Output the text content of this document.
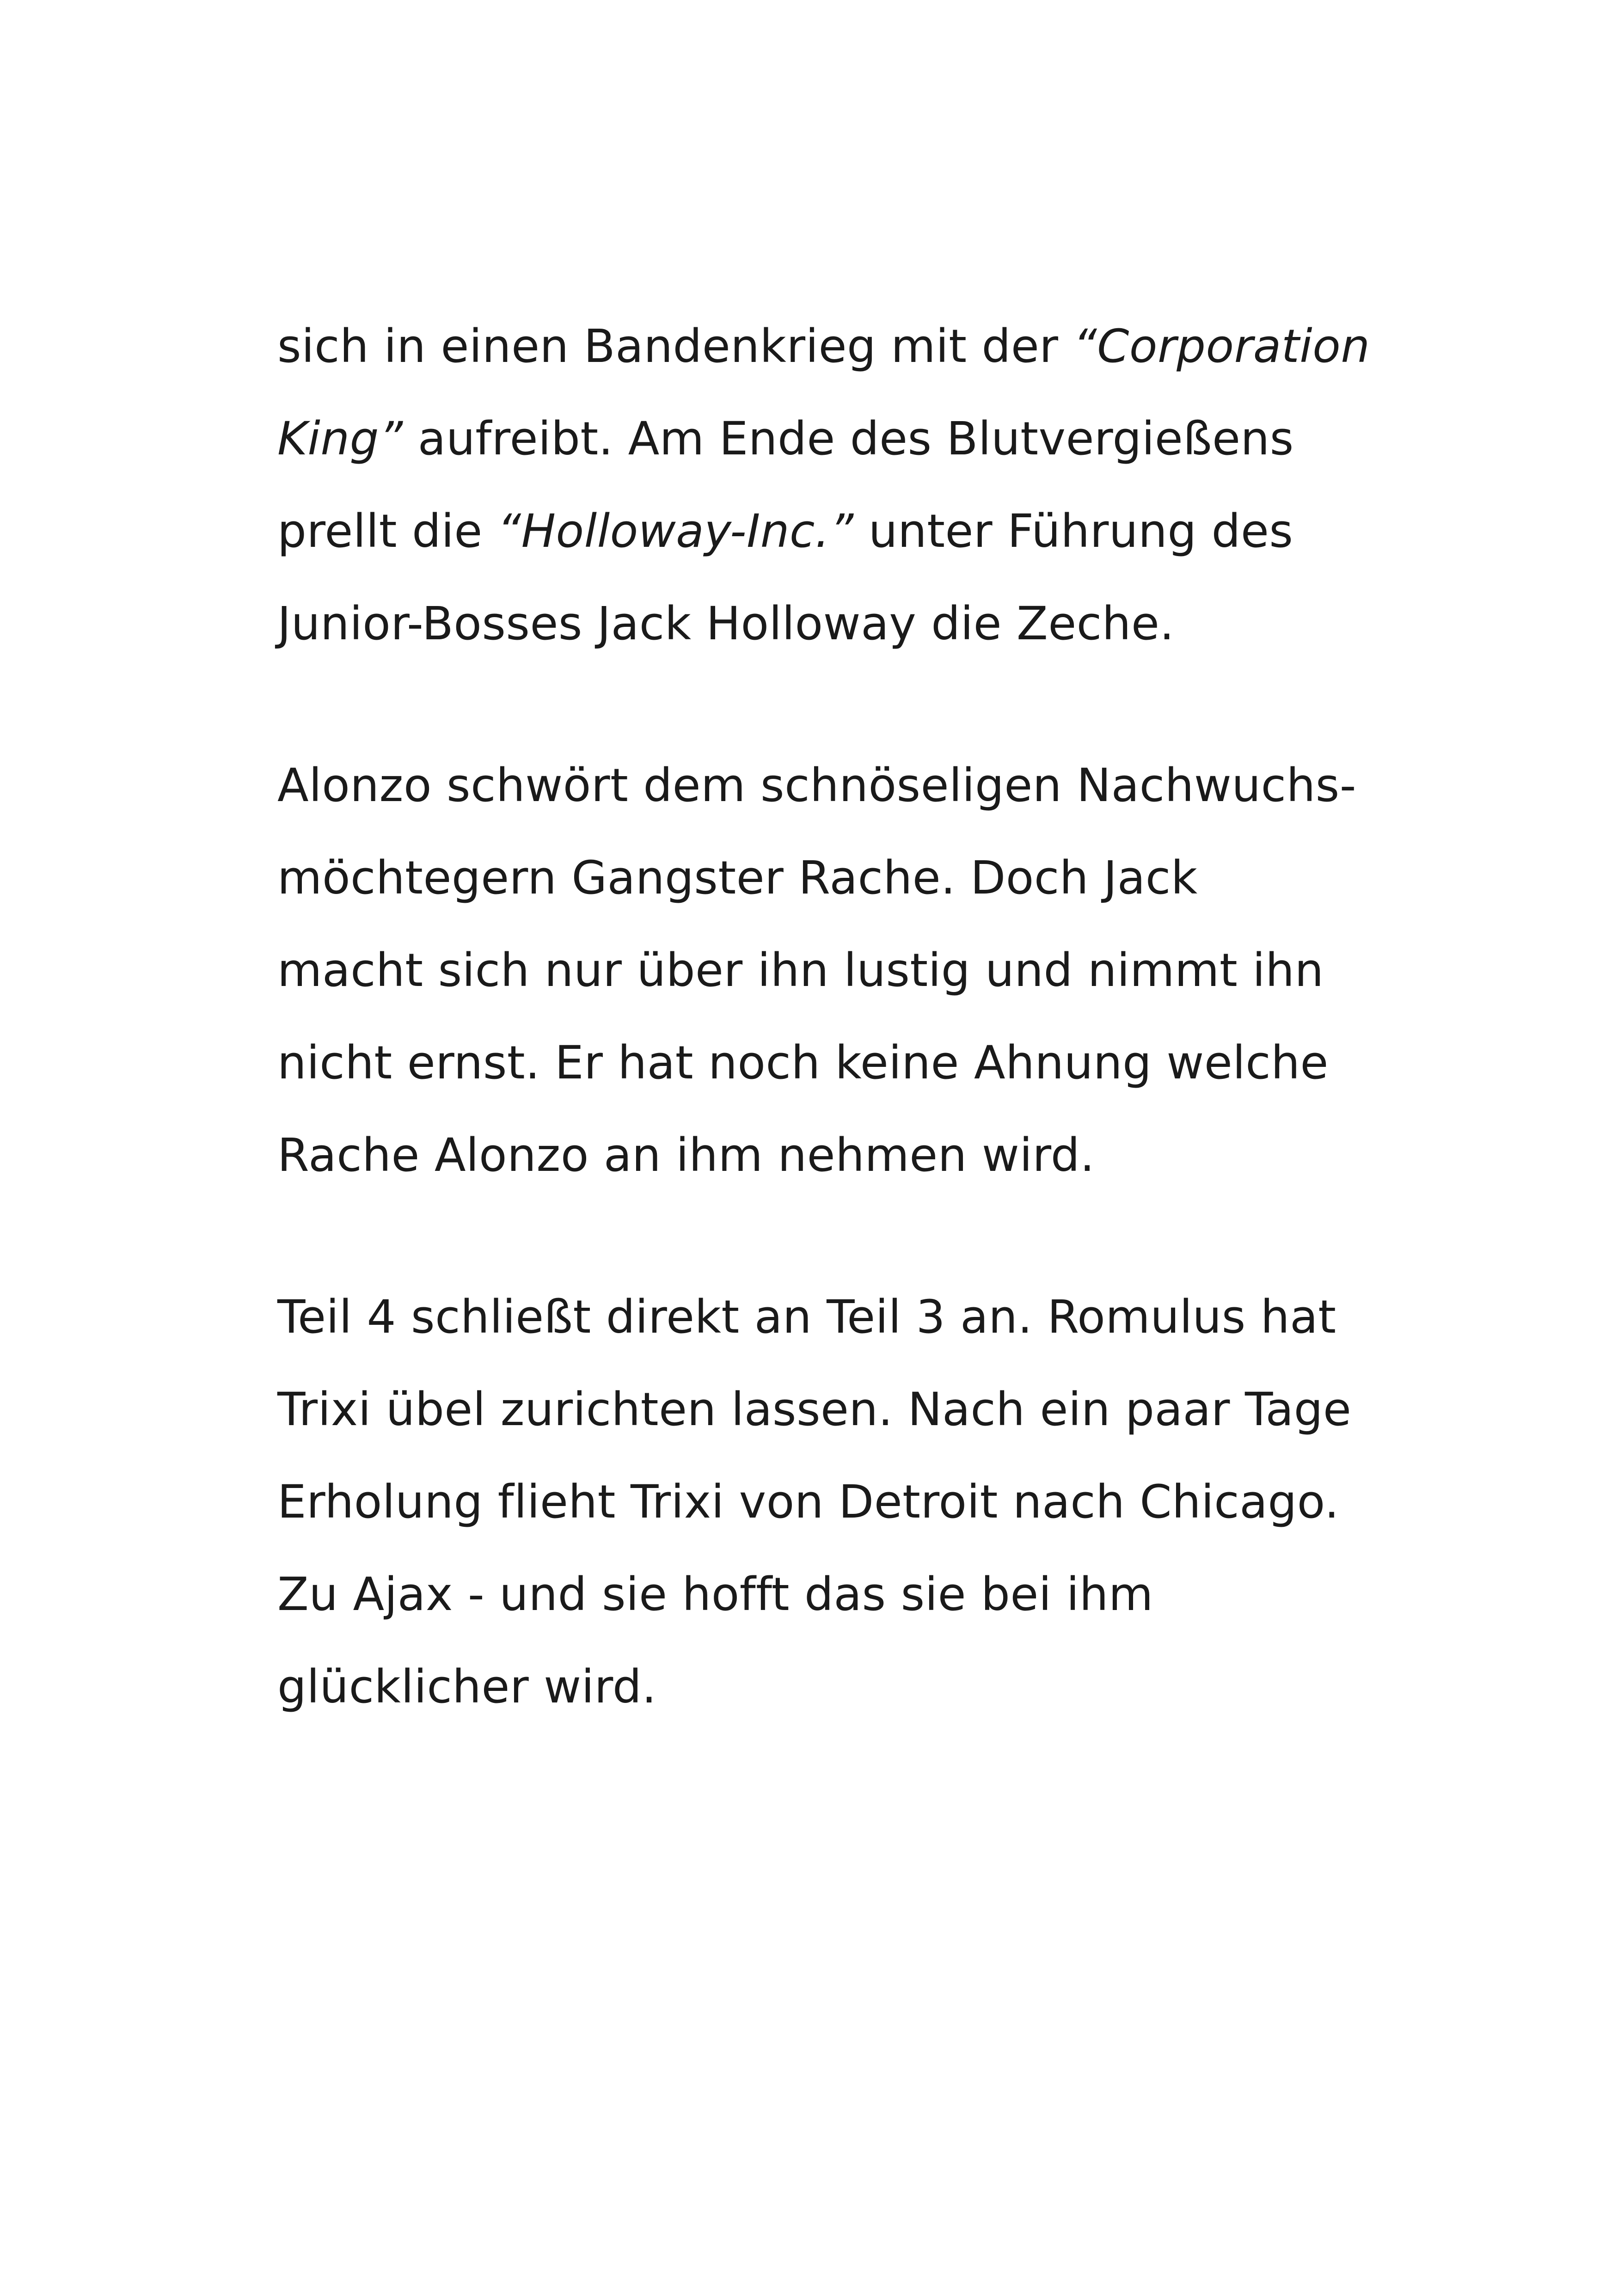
sich in einen Bandenkrieg mit der “Corporation
King” aufreibt. Am Ende des Blutvergießens
prellt die “Holloway-Inc.” unter Führung des
Junior-Bosses Jack Holloway die Zeche.
Alonzo schwört dem schnöseligen Nachwuchs-
möchtegern Gangster Rache. Doch Jack
macht sich nur über ihn lustig und nimmt ihn
nicht ernst. Er hat noch keine Ahnung welche
Rache Alonzo an ihm nehmen wird.
Teil 4 schließt direkt an Teil 3 an. Romulus hat
Trixi übel zurichten lassen. Nach ein paar Tage
Erholung flieht Trixi von Detroit nach Chicago.
Zu Ajax - und sie hofft das sie bei ihm
glücklicher wird.
